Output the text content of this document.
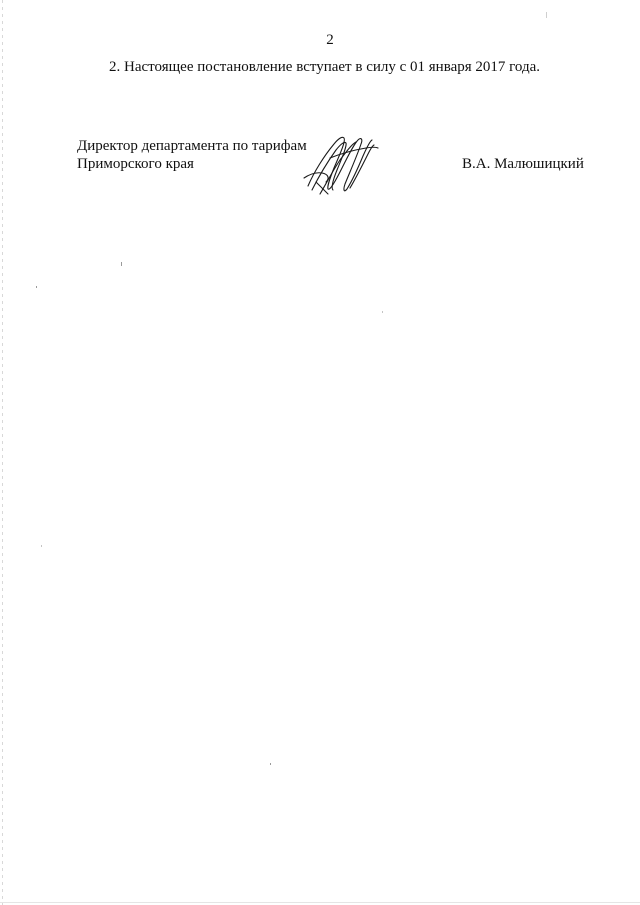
2
2. Настоящее постановление вступает в силу с 01 января 2017 года.
Директор департамента по тарифам
Приморского края	В.А. Малюшицкий
